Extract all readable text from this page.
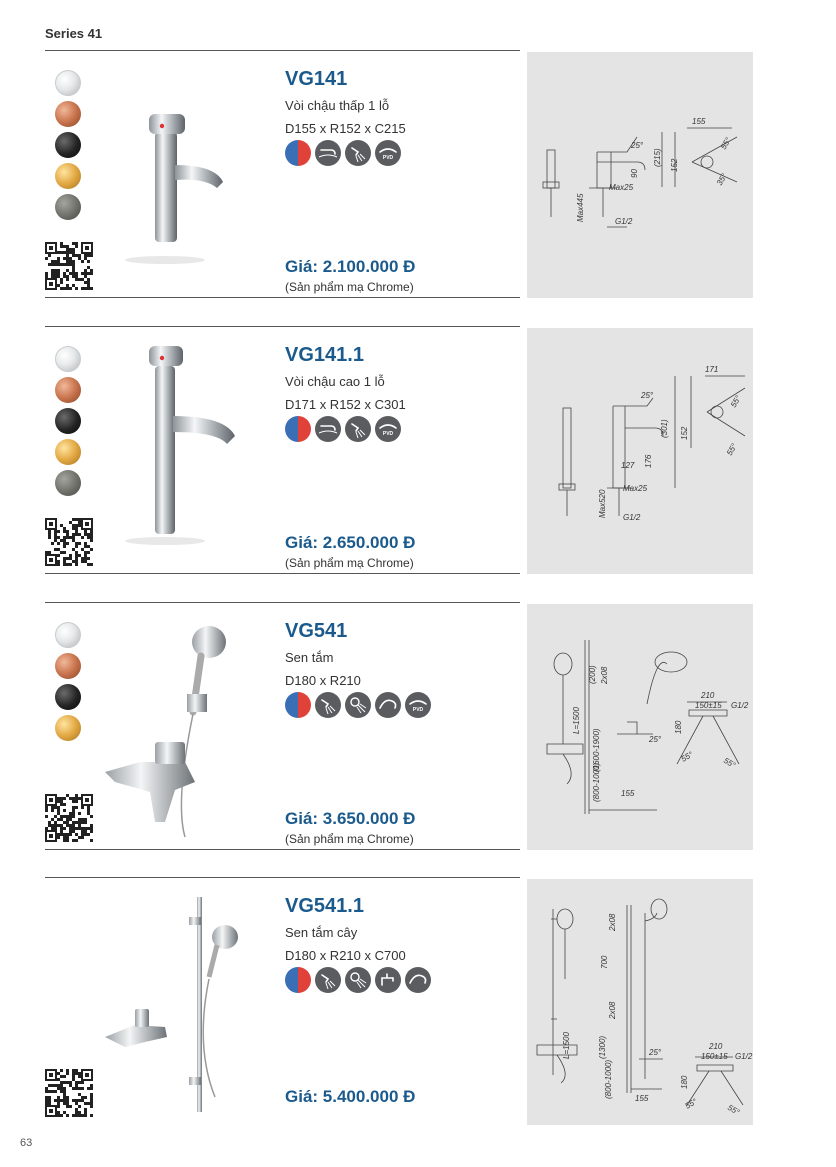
Series 41
VG141
Vòi chậu thấp 1 lỗ
D155 x R152 x C215
PVD
Giá: 2.100.000 Đ
(Sản phẩm mạ Chrome)
155
25°
(215) 152
90
55°
35°
Max445
Max25
G1/2
VG141.1
Vòi chậu cao 1 lỗ
D171 x R152 x C301
PVD
Giá: 2.650.000 Đ
(Sản phẩm mạ Chrome)
171
25°
(301)
176
127
152
55°
55°
Max520
Max25
G1/2
VG541
Sen tắm
D180 x R210
PVD
Giá: 3.650.000 Đ
(Sản phẩm mạ Chrome)
(200) 2x08
L=1500
(1600-1900)
(800-1000)	155
210
150±15 G1/2
180
25°
55°	55°
VG541.1
Sen tắm cây
D180 x R210 x C700
Giá: 5.400.000 Đ
2x08
700
2x08
L=1500	(1300)
(800-1000)	155
25°
210
150±15 G1/2
180
55°	55°
63
